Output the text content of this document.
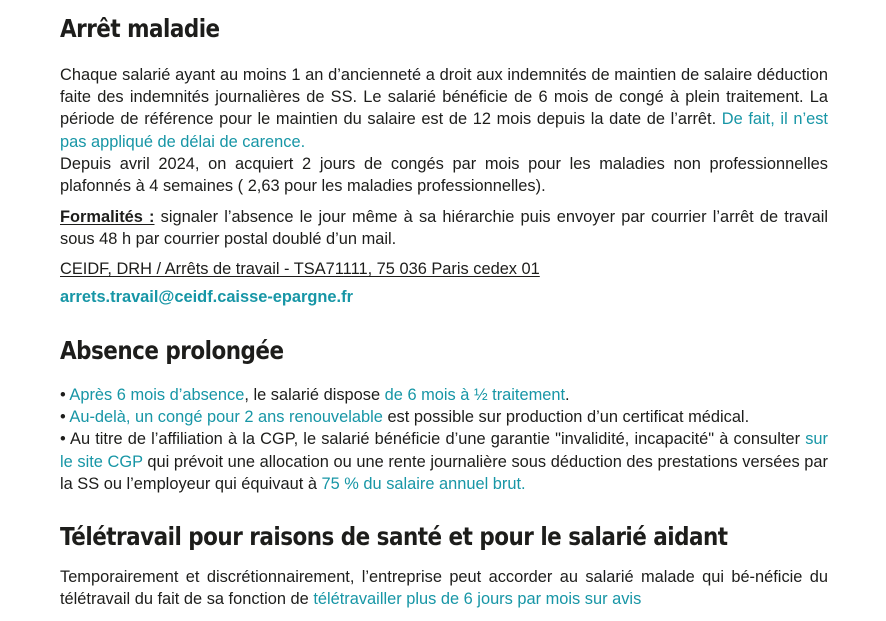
Arrêt maladie

Chaque salarié ayant au moins 1 an d’ancienneté a droit aux indemnités de maintien de salaire déduction faite des indemnités journalières de SS. Le salarié bénéficie de 6 mois de congé à plein traitement. La période de référence pour le maintien du salaire est de 12 mois depuis la date de l’arrêt. De fait, il n’est pas appliqué de délai de carence.
Depuis avril 2024, on acquiert 2 jours de congés par mois pour les maladies non professionnelles plafonnés à 4 semaines ( 2,63 pour les maladies professionnelles).

Formalités : signaler l’absence le jour même à sa hiérarchie puis envoyer par courrier l’arrêt de travail sous 48 h par courrier postal doublé d’un mail.

CEIDF, DRH / Arrêts de travail - TSA71111, 75 036 Paris cedex 01

arrets.travail@ceidf.caisse-epargne.fr

Absence prolongée

• Après 6 mois d’absence, le salarié dispose de 6 mois à ½ traitement.

• Au-delà, un congé pour 2 ans renouvelable est possible sur production d’un certificat médical.

• Au titre de l’affiliation à la CGP, le salarié bénéficie d’une garantie "invalidité, incapacité" à consulter sur le site CGP qui prévoit une allocation ou une rente journalière sous déduction des prestations versées par la SS ou l’employeur qui équivaut à 75 % du salaire annuel brut.

Télétravail pour raisons de santé et pour le salarié aidant

Temporairement et discrétionnairement, l’entreprise peut accorder au salarié malade qui bé-néficie du télétravail du fait de sa fonction de télétravailler plus de 6 jours par mois sur avis
